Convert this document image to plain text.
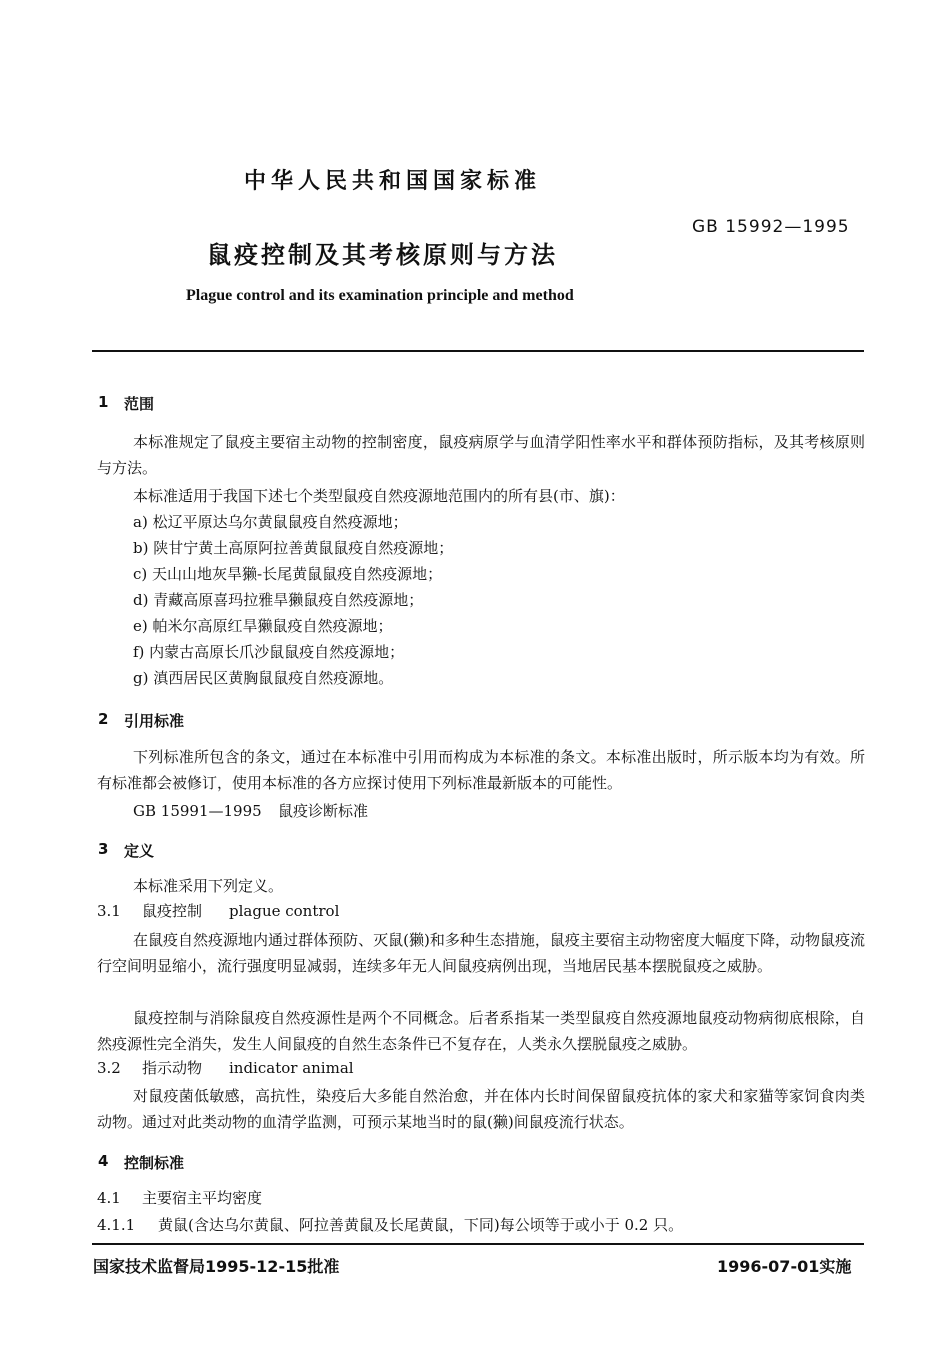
中华人民共和国国家标准
GB 15992—1995
鼠疫控制及其考核原则与方法
Plague control and its examination principle and method
1 范围
本标准规定了鼠疫主要宿主动物的控制密度，鼠疫病原学与血清学阳性率水平和群体预防指标，及其考核原则与方法。
本标准适用于我国下述七个类型鼠疫自然疫源地范围内的所有县(市、旗)：
a) 松辽平原达乌尔黄鼠鼠疫自然疫源地；
b) 陕甘宁黄土高原阿拉善黄鼠鼠疫自然疫源地；
c) 天山山地灰旱獭-长尾黄鼠鼠疫自然疫源地；
d) 青藏高原喜玛拉雅旱獭鼠疫自然疫源地；
e) 帕米尔高原红旱獭鼠疫自然疫源地；
f) 内蒙古高原长爪沙鼠鼠疫自然疫源地；
g) 滇西居民区黄胸鼠鼠疫自然疫源地。
2 引用标准
下列标准所包含的条文，通过在本标准中引用而构成为本标准的条文。本标准出版时，所示版本均为有效。所有标准都会被修订，使用本标准的各方应探讨使用下列标准最新版本的可能性。
GB 15991—1995 鼠疫诊断标准
3 定义
本标准采用下列定义。
3.1 鼠疫控制 plague control
在鼠疫自然疫源地内通过群体预防、灭鼠(獭)和多种生态措施，鼠疫主要宿主动物密度大幅度下降，动物鼠疫流行空间明显缩小，流行强度明显减弱，连续多年无人间鼠疫病例出现，当地居民基本摆脱鼠疫之威胁。
鼠疫控制与消除鼠疫自然疫源性是两个不同概念。后者系指某一类型鼠疫自然疫源地鼠疫动物病彻底根除，自然疫源性完全消失，发生人间鼠疫的自然生态条件已不复存在，人类永久摆脱鼠疫之威胁。
3.2 指示动物 indicator animal
对鼠疫菌低敏感，高抗性，染疫后大多能自然治愈，并在体内长时间保留鼠疫抗体的家犬和家猫等家饲食肉类动物。通过对此类动物的血清学监测，可预示某地当时的鼠(獭)间鼠疫流行状态。
4 控制标准
4.1 主要宿主平均密度
4.1.1 黄鼠(含达乌尔黄鼠、阿拉善黄鼠及长尾黄鼠，下同)每公顷等于或小于 0.2 只。
国家技术监督局1995-12-15批准	1996-07-01实施
